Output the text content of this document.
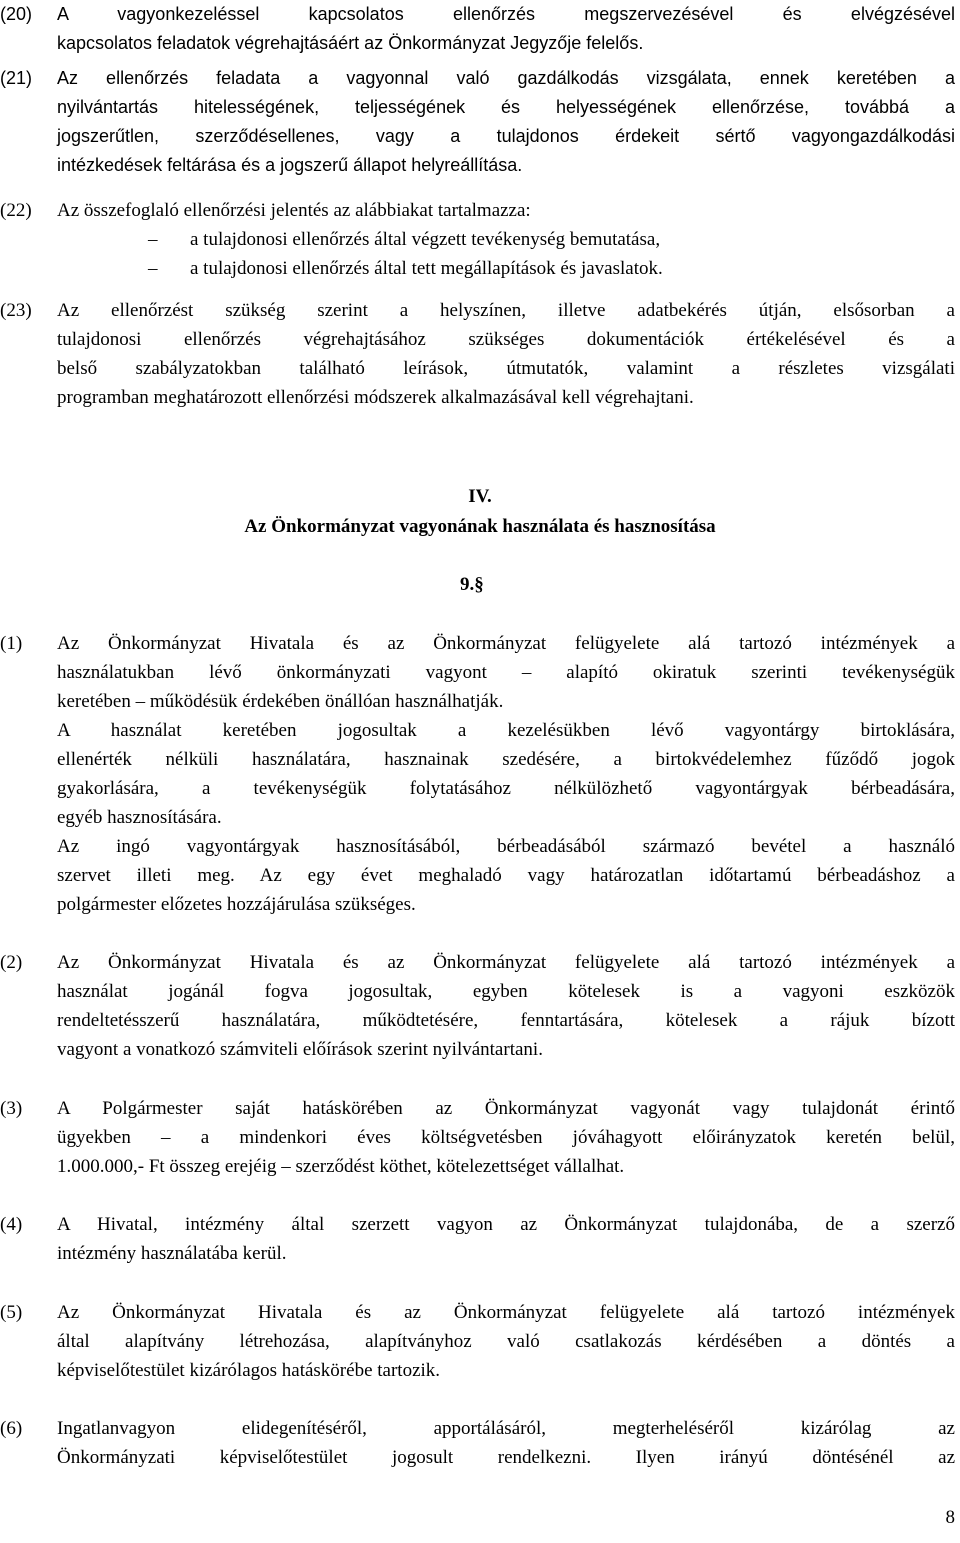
(20) A vagyonkezeléssel kapcsolatos ellenőrzés megszervezésével és elvégzésével
kapcsolatos feladatok végrehajtásáért az Önkormányzat Jegyzője felelős.
(21) Az ellenőrzés feladata a vagyonnal való gazdálkodás vizsgálata, ennek keretében a
nyilvántartás hitelességének, teljességének és helyességének ellenőrzése, továbbá a
jogszerűtlen, szerződésellenes, vagy a tulajdonos érdekeit sértő vagyongazdálkodási
intézkedések feltárása és a jogszerű állapot helyreállítása.
(22) Az összefoglaló ellenőrzési jelentés az alábbiakat tartalmazza:
– a tulajdonosi ellenőrzés által végzett tevékenység bemutatása,
– a tulajdonosi ellenőrzés által tett megállapítások és javaslatok.
(23) Az ellenőrzést szükség szerint a helyszínen, illetve adatbekérés útján, elsősorban a
tulajdonosi ellenőrzés végrehajtásához szükséges dokumentációk értékelésével és a
belső szabályzatokban található leírások, útmutatók, valamint a részletes vizsgálati
programban meghatározott ellenőrzési módszerek alkalmazásával kell végrehajtani.
IV.
Az Önkormányzat vagyonának használata és hasznosítása
9.§
(1) Az Önkormányzat Hivatala és az Önkormányzat felügyelete alá tartozó intézmények a
használatukban lévő önkormányzati vagyont – alapító okiratuk szerinti tevékenységük
keretében – működésük érdekében önállóan használhatják.
A használat keretében jogosultak a kezelésükben lévő vagyontárgy birtoklására,
ellenérték nélküli használatára, hasznainak szedésére, a birtokvédelemhez fűződő jogok
gyakorlására, a tevékenységük folytatásához nélkülözhető vagyontárgyak bérbeadására,
egyéb hasznosítására.
Az ingó vagyontárgyak hasznosításából, bérbeadásából származó bevétel a használó
szervet illeti meg. Az egy évet meghaladó vagy határozatlan időtartamú bérbeadáshoz a
polgármester előzetes hozzájárulása szükséges.
(2) Az Önkormányzat Hivatala és az Önkormányzat felügyelete alá tartozó intézmények a
használat jogánál fogva jogosultak, egyben kötelesek is a vagyoni eszközök
rendeltetésszerű használatára, működtetésére, fenntartására, kötelesek a rájuk bízott
vagyont a vonatkozó számviteli előírások szerint nyilvántartani.
(3) A Polgármester saját hatáskörében az Önkormányzat vagyonát vagy tulajdonát érintő
ügyekben – a mindenkori éves költségvetésben jóváhagyott előirányzatok keretén belül,
1.000.000,- Ft összeg erejéig – szerződést köthet, kötelezettséget vállalhat.
(4) A Hivatal, intézmény által szerzett vagyon az Önkormányzat tulajdonába, de a szerző
intézmény használatába kerül.
(5) Az Önkormányzat Hivatala és az Önkormányzat felügyelete alá tartozó intézmények
által alapítvány létrehozása, alapítványhoz való csatlakozás kérdésében a döntés a
képviselőtestület kizárólagos hatáskörébe tartozik.
(6) Ingatlanvagyon elidegenítéséről, apportálásáról, megterheléséről kizárólag az
Önkormányzati képviselőtestület jogosult rendelkezni. Ilyen irányú döntésénél az
8
